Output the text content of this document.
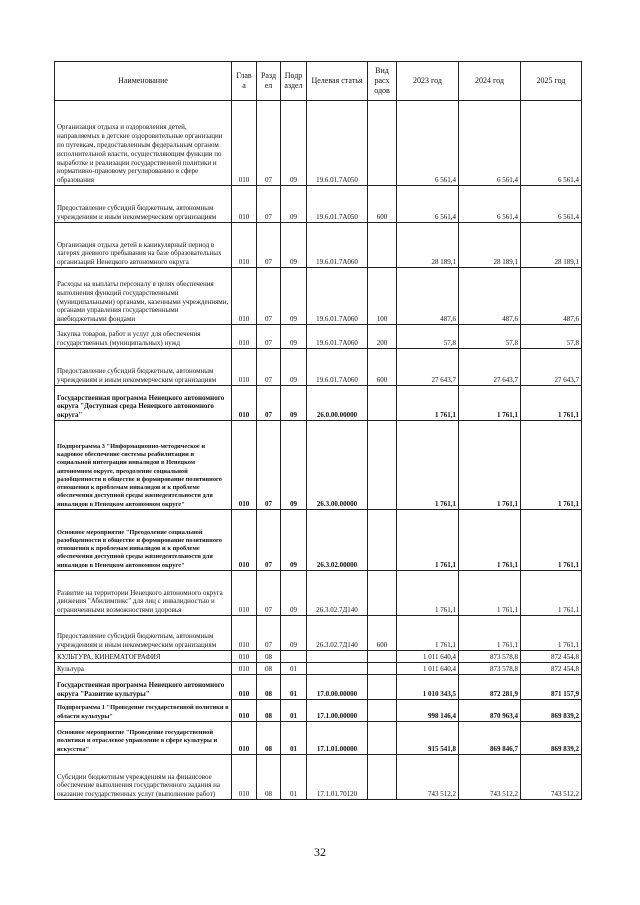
Наименование	Глав а	Разд ел	Подр аздел	Целевая статья	Вид расх одов	2023 год	2024 год	2025 год
Организация отдыха и оздоровления детей, направляемых в детские оздоровительные организации по путевкам, предоставленным федеральным органом исполнительной власти, осуществляющим функции по выработке и реализации государственной политики и нормативно-правовому регулированию в сфере образования	010	07	09	19.6.01.7А050		6 561,4	6 561,4	6 561,4
Предоставление субсидий бюджетным, автономным учреждениям и иным некоммерческим организациям	010	07	09	19.6.01.7А050	600	6 561,4	6 561,4	6 561,4
Организация отдыха детей в каникулярный период в лагерях дневного пребывания на базе образовательных организаций Ненецкого автономного округа	010	07	09	19.6.01.7А060		28 189,1	28 189,1	28 189,1
Расходы на выплаты персоналу в целях обеспечения выполнения функций государственными (муниципальными) органами, казенными учреждениями, органами управления государственными внебюджетными фондами	010	07	09	19.6.01.7А060	100	487,6	487,6	487,6
Закупка товаров, работ и услуг для обеспечения государственных (муниципальных) нужд	010	07	09	19.6.01.7А060	200	57,8	57,8	57,8
Предоставление субсидий бюджетным, автономным учреждениям и иным некоммерческим организациям	010	07	09	19.6.01.7А060	600	27 643,7	27 643,7	27 643,7
Государственная программа Ненецкого автономного округа "Доступная среда Ненецкого автономного округа"	010	07	09	26.0.00.00000		1 761,1	1 761,1	1 761,1
Подпрограмма 3 "Информационно-методическое и кадровое обеспечение системы реабилитации и социальной интеграции инвалидов в Ненецком автономном округе, преодоление социальной разобщенности в обществе и формирование позитивного отношения к проблемам инвалидов и к проблеме обеспечения доступной среды жизнедеятельности для инвалидов в Ненецком автономном округе"	010	07	09	26.3.00.00000		1 761,1	1 761,1	1 761,1
Основное мероприятие "Преодоление социальной разобщенности в обществе и формирование позитивного отношения к проблемам инвалидов и к проблеме обеспечения доступной среды жизнедеятельности для инвалидов в Ненецком автономном округе"	010	07	09	26.3.02.00000		1 761,1	1 761,1	1 761,1
Развитие на территории Ненецкого автономного округа движения "Абилимпикс" для лиц с инвалидностью и ограниченными возможностями здоровья	010	07	09	26.3.02.7Д140		1 761,1	1 761,1	1 761,1
Предоставление субсидий бюджетным, автономным учреждениям и иным некоммерческим организациям	010	07	09	26.3.02.7Д140	600	1 761,1	1 761,1	1 761,1
КУЛЬТУРА, КИНЕМАТОГРАФИЯ	010	08				1 011 640,4	873 578,8	872 454,8
Культура	010	08	01			1 011 640,4	873 578,8	872 454,8
Государственная программа Ненецкого автономного округа "Развитие культуры"	010	08	01	17.0.00.00000		1 010 343,5	872 281,9	871 157,9
Подпрограмма 1 "Проведение государственной политики в области культуры"	010	08	01	17.1.00.00000		998 146,4	870 963,4	869 839,2
Основное мероприятие "Проведение государственной политики и отраслевое управление в сфере культуры и искусства"	010	08	01	17.1.01.00000		915 541,8	869 846,7	869 839,2
Субсидии бюджетным учреждениям на финансовое обеспечение выполнения государственного задания на оказание государственных услуг (выполнение работ)	010	08	01	17.1.01.70120		743 512,2	743 512,2	743 512,2
32
